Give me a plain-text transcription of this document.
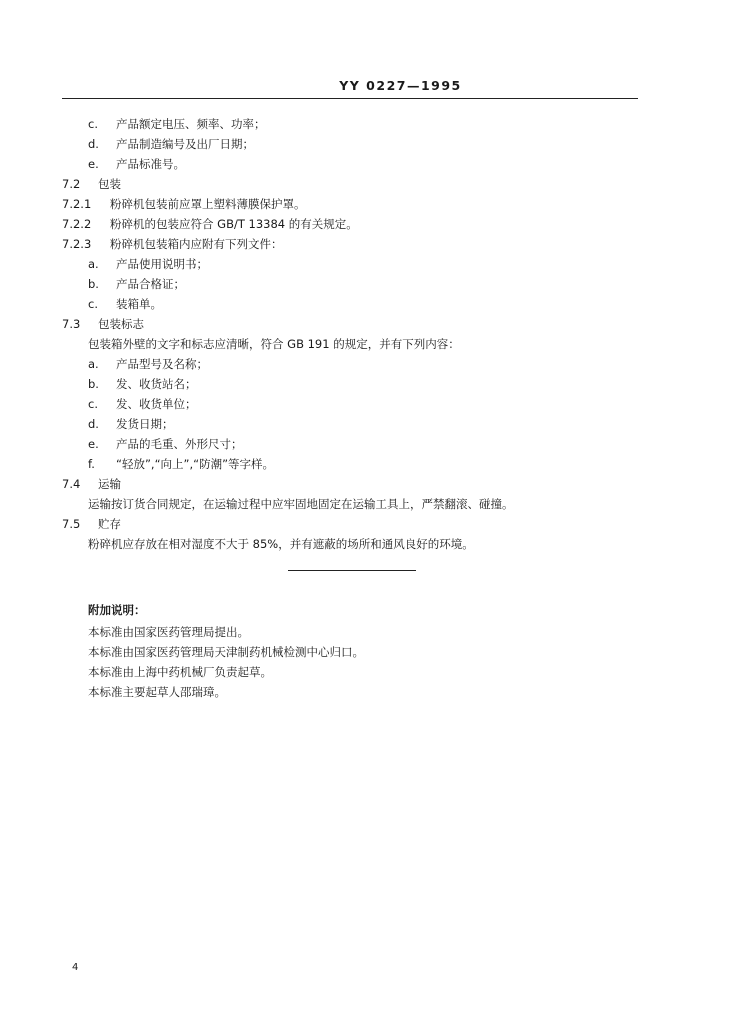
YY 0227—1995
c. 产品额定电压、频率、功率；
d. 产品制造编号及出厂日期；
e. 产品标准号。
7.2 包装
7.2.1 粉碎机包装前应罩上塑料薄膜保护罩。
7.2.2 粉碎机的包装应符合 GB/T 13384 的有关规定。
7.2.3 粉碎机包装箱内应附有下列文件：
a. 产品使用说明书；
b. 产品合格证；
c. 装箱单。
7.3 包装标志
包装箱外壁的文字和标志应清晰，符合 GB 191 的规定，并有下列内容：
a. 产品型号及名称；
b. 发、收货站名；
c. 发、收货单位；
d. 发货日期；
e. 产品的毛重、外形尺寸；
f. “轻放”,“向上”,“防潮”等字样。
7.4 运输
运输按订货合同规定，在运输过程中应牢固地固定在运输工具上，严禁翻滚、碰撞。
7.5 贮存
粉碎机应存放在相对湿度不大于 85%，并有遮蔽的场所和通风良好的环境。
附加说明：
本标准由国家医药管理局提出。
本标准由国家医药管理局天津制药机械检测中心归口。
本标准由上海中药机械厂负责起草。
本标准主要起草人邵瑞璋。
4
